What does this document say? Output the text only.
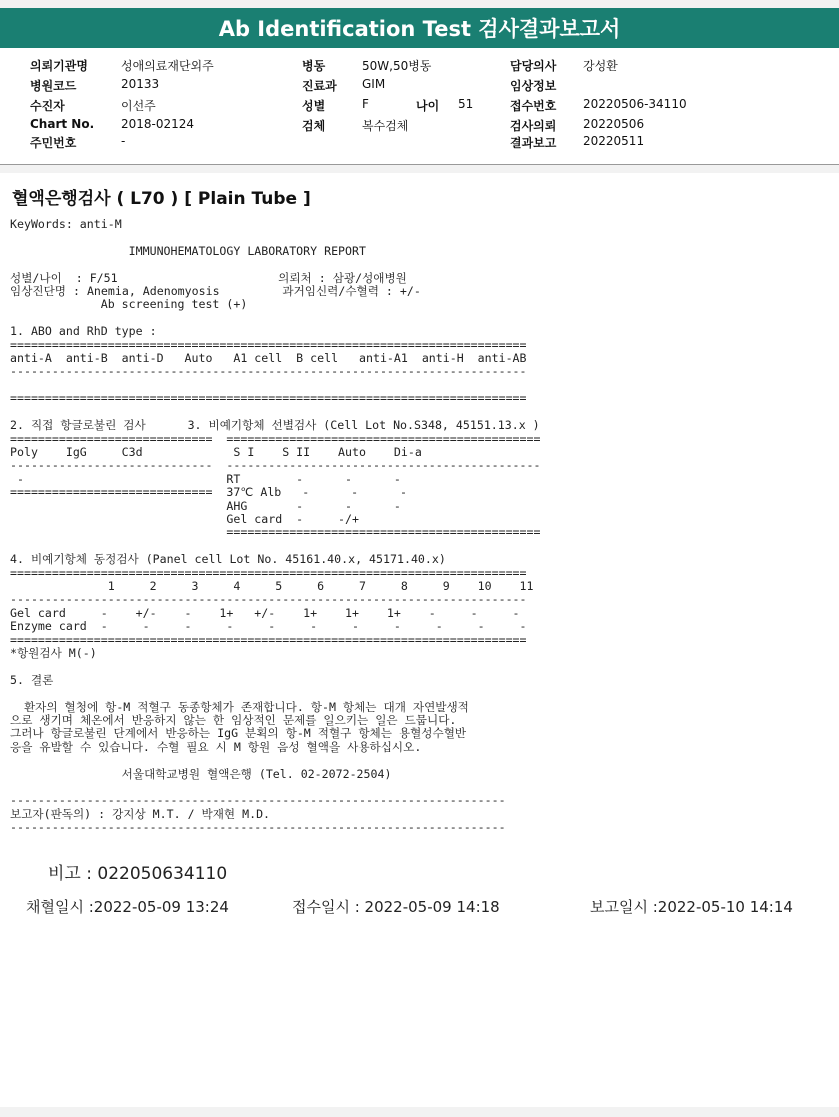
Ab Identification Test 검사결과보고서
의뢰기관명	성애의료재단외주	병동	50W,50병동	담당의사 강성환
병원코드	20133	진료과 GIM	임상정보
수진자	이선주	성별	F	나이 51	접수번호 20220506-34110
Chart No. 2018-02124	검체	복수검체	검사의뢰 20220506
주민번호	-	결과보고 20220511
혈액은행검사 ( L70 ) [ Plain Tube ]
KeyWords: anti-M

IMMUNOHEMATOLOGY LABORATORY REPORT

성별/나이  : F/51                       의뢰처 : 삼광/성애병원
임상진단명 : Anemia, Adenomyosis         과거임신력/수혈력 : +/-
Ab screening test (+)

1. ABO and RhD type :
==========================================================================
anti-A  anti-B  anti-D   Auto   A1 cell  B cell   anti-A1  anti-H  anti-AB
--------------------------------------------------------------------------

==========================================================================

2. 직접 항글로불린 검사      3. 비예기항체 선별검사 (Cell Lot No.S348, 45151.13.x )
=============================  =============================================
Poly    IgG     C3d             S I    S II    Auto    Di-a
-----------------------------  ---------------------------------------------
-                             RT        -      -      -
=============================  37℃ Alb   -      -      -
AHG       -      -      -
Gel card  -     -/+
=============================================

4. 비예기항체 동정검사 (Panel cell Lot No. 45161.40.x, 45171.40.x)
==========================================================================
1     2     3     4     5     6     7     8     9    10    11
--------------------------------------------------------------------------
Gel card     -    +/-    -    1+   +/-    1+    1+    1+    -     -     -
Enzyme card  -     -     -     -     -     -     -     -     -     -     -
==========================================================================
*항원검사 M(-)

5. 결론

환자의 혈청에 항-M 적혈구 동종항체가 존재합니다. 항-M 항체는 대개 자연발생적
으로 생기며 체온에서 반응하지 않는 한 임상적인 문제를 일으키는 일은 드뭅니다.
그러나 항글로불린 단계에서 반응하는 IgG 분획의 항-M 적혈구 항체는 용혈성수혈반
응을 유발할 수 있습니다. 수혈 필요 시 M 항원 음성 혈액을 사용하십시오.

서울대학교병원 혈액은행 (Tel. 02-2072-2504)

-----------------------------------------------------------------------
보고자(판독의) : 강지상 M.T. / 박재현 M.D.
-----------------------------------------------------------------------
비고 : 022050634110
채혈일시 :2022-05-09 13:24	접수일시 : 2022-05-09 14:18	보고일시 :2022-05-10 14:14
